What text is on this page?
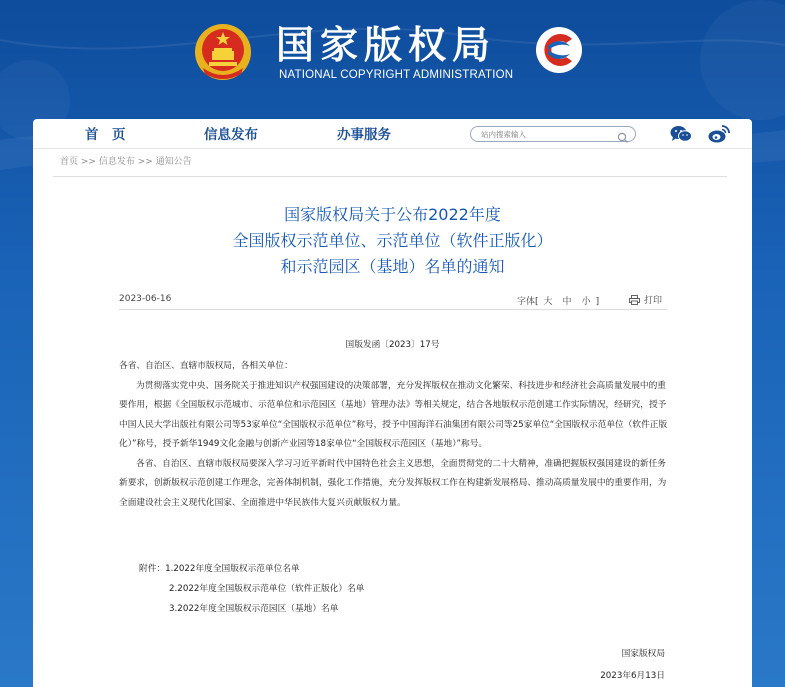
国家版权局
NATIONAL COPYRIGHT ADMINISTRATION
首　页	信息发布	办事服务
站内搜索输入
首页 >> 信息发布 >> 通知公告
国家版权局关于公布2022年度
全国版权示范单位、示范单位（软件正版化）
和示范园区（基地）名单的通知
2023-06-16	字体[ 大 中 小 ]	打印
国版发函〔2023〕17号

各省、自治区、直辖市版权局，各相关单位：

为贯彻落实党中央、国务院关于推进知识产权强国建设的决策部署，充分发挥版权在推动文化繁荣、科技进步和经济社会高质量发展中的重要作用，根据《全国版权示范城市、示范单位和示范园区（基地）管理办法》等相关规定，结合各地版权示范创建工作实际情况，经研究，授予中国人民大学出版社有限公司等53家单位“全国版权示范单位”称号，授予中国海洋石油集团有限公司等25家单位“全国版权示范单位（软件正版化）”称号，授予新华1949文化金融与创新产业园等18家单位“全国版权示范园区（基地）”称号。

各省、自治区、直辖市版权局要深入学习习近平新时代中国特色社会主义思想，全面贯彻党的二十大精神，准确把握版权强国建设的新任务新要求，创新版权示范创建工作理念，完善体制机制，强化工作措施，充分发挥版权工作在构建新发展格局、推动高质量发展中的重要作用，为全面建设社会主义现代化国家、全面推进中华民族伟大复兴贡献版权力量。

附件：1.2022年度全国版权示范单位名单
2.2022年度全国版权示范单位（软件正版化）名单
3.2022年度全国版权示范园区（基地）名单
国家版权局
2023年6月13日
